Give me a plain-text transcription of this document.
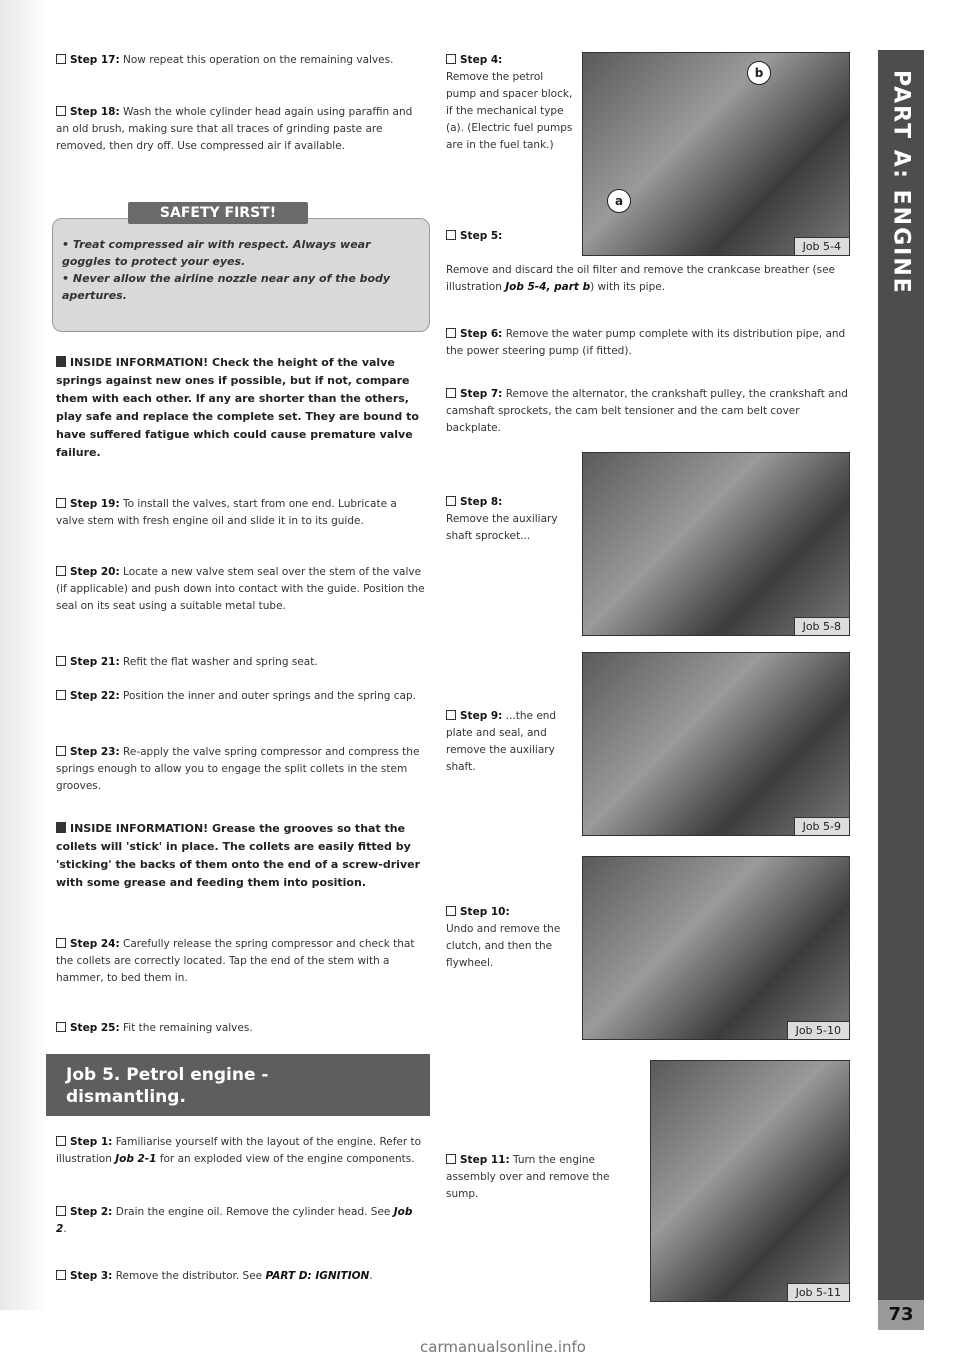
Step 17: Now repeat this operation on the remaining valves.

Step 18: Wash the whole cylinder head again using paraffin and an old brush, making sure that all traces of grinding paste are removed, then dry off. Use compressed air if available.

SAFETY FIRST!
• Treat compressed air with respect. Always wear goggles to protect your eyes.
• Never allow the airline nozzle near any of the body apertures.

INSIDE INFORMATION! Check the height of the valve springs against new ones if possible, but if not, compare them with each other. If any are shorter than the others, play safe and replace the complete set. They are bound to have suffered fatigue which could cause premature valve failure.

Step 19: To install the valves, start from one end. Lubricate a valve stem with fresh engine oil and slide it in to its guide.

Step 20: Locate a new valve stem seal over the stem of the valve (if applicable) and push down into contact with the guide. Position the seal on its seat using a suitable metal tube.

Step 21: Refit the flat washer and spring seat.

Step 22: Position the inner and outer springs and the spring cap.

Step 23: Re-apply the valve spring compressor and compress the springs enough to allow you to engage the split collets in the stem grooves.

INSIDE INFORMATION! Grease the grooves so that the collets will 'stick' in place. The collets are easily fitted by 'sticking' the backs of them onto the end of a screw-driver with some grease and feeding them into position.

Step 24: Carefully release the spring compressor and check that the collets are correctly located. Tap the end of the stem with a hammer, to bed them in.

Step 25: Fit the remaining valves.

Job 5. Petrol engine - dismantling.

Step 1: Familiarise yourself with the layout of the engine. Refer to illustration Job 2-1 for an exploded view of the engine components.

Step 2: Drain the engine oil. Remove the cylinder head. See Job 2.

Step 3: Remove the distributor. See PART D: IGNITION.

Step 4:
Remove the petrol pump and spacer block, if the mechanical type (a). (Electric fuel pumps are in the fuel tank.)

b
a
Job 5-4

Step 5:

Remove and discard the oil filter and remove the crankcase breather (see illustration Job 5-4, part b) with its pipe.

Step 6: Remove the water pump complete with its distribution pipe, and the power steering pump (if fitted).

Step 7: Remove the alternator, the crankshaft pulley, the crankshaft and camshaft sprockets, the cam belt tensioner and the cam belt cover backplate.

Step 8:
Remove the auxiliary shaft sprocket...

Job 5-8

Step 9: ...the end plate and seal, and remove the auxiliary shaft.

Job 5-9

Step 10:
Undo and remove the clutch, and then the flywheel.

Job 5-10

Step 11: Turn the engine assembly over and remove the sump.

Job 5-11
PART A: ENGINE
73
carmanualsonline.info
